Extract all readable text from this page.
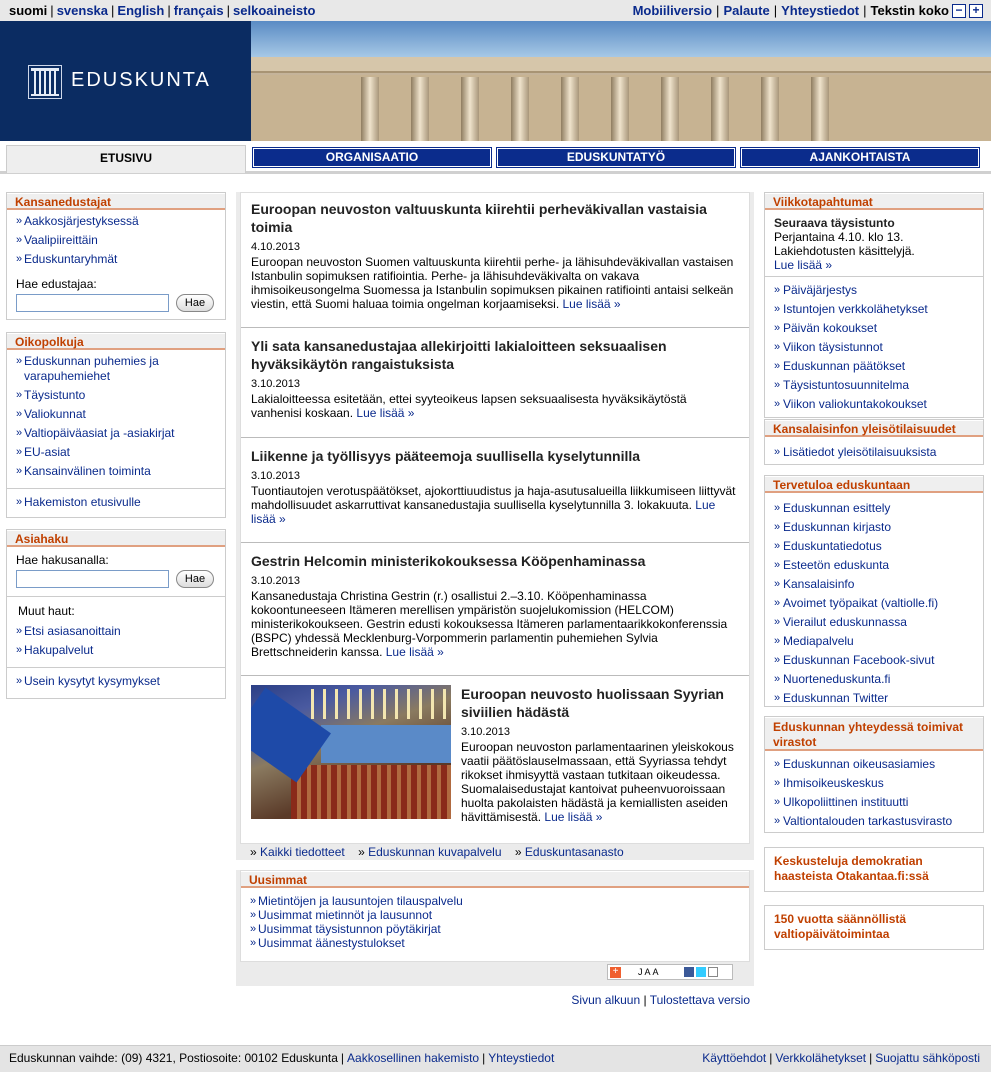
suomi | svenska | English | français | selkoaineisto	Mobiiliversio | Palaute | Yhteystiedot | Tekstin koko − +
EDUSKUNTA
ETUSIVU	ORGANISAATIO	EDUSKUNTATYÖ	AJANKOHTAISTA
Kansanedustajat
» Aakkosjärjestyksessä
» Vaalipiireittäin
» Eduskuntaryhmät
Hae edustajaa:
Hae
Oikopolkuja
» Eduskunnan puhemies ja varapuhemiehet
» Täysistunto
» Valiokunnat
» Valtiopäiväasiat ja -asiakirjat
» EU-asiat
» Kansainvälinen toiminta
» Hakemiston etusivulle
Asiahaku
Hae hakusanalla:
Hae
Muut haut:
» Etsi asiasanoittain
» Hakupalvelut
» Usein kysytyt kysymykset
Euroopan neuvoston valtuuskunta kiirehtii perheväkivallan vastaisia toimia
4.10.2013

Euroopan neuvoston Suomen valtuuskunta kiirehtii perhe- ja lähisuhdeväkivallan vastaisen Istanbulin sopimuksen ratifiointia. Perhe- ja lähisuhdeväkivalta on vakava ihmisoikeusongelma Suomessa ja Istanbulin sopimuksen pikainen ratifiointi antaisi selkeän viestin, että Suomi haluaa toimia ongelman korjaamiseksi. Lue lisää »

Yli sata kansanedustajaa allekirjoitti lakialoitteen seksuaalisen hyväksikäytön rangaistuksista
3.10.2013

Lakialoitteessa esitetään, ettei syyteoikeus lapsen seksuaalisesta hyväksikäytöstä vanhenisi koskaan. Lue lisää »

Liikenne ja työllisyys pääteemoja suullisella kyselytunnilla
3.10.2013

Tuontiautojen verotuspäätökset, ajokorttiuudistus ja haja-asutusalueilla liikkumiseen liittyvät mahdollisuudet askarruttivat kansanedustajia suullisella kyselytunnilla 3. lokakuuta. Lue lisää »

Gestrin Helcomin ministerikokouksessa Kööpenhaminassa
3.10.2013

Kansanedustaja Christina Gestrin (r.) osallistui 2.–3.10. Kööpenhaminassa kokoontuneeseen Itämeren merellisen ympäristön suojelukomission (HELCOM) ministerikokoukseen. Gestrin edusti kokouksessa Itämeren parlamentaarikkokonferenssia (BSPC) yhdessä Mecklenburg-Vorpommerin parlamentin puhemiehen Sylvia Brettschneiderin kanssa. Lue lisää »

Euroopan neuvosto huolissaan Syyrian siviilien hädästä
3.10.2013

Euroopan neuvoston parlamentaarinen yleiskokous vaatii päätöslauselmassaan, että Syyriassa tehdyt rikokset ihmisyyttä vastaan tutkitaan oikeudessa. Suomalaisedustajat kantoivat puheenvuoroissaan huolta pakolaisten hädästä ja kemiallisten aseiden hävittämisestä. Lue lisää »

» Kaikki tiedotteet » Eduskunnan kuvapalvelu » Eduskuntasanasto
Uusimmat
» Mietintöjen ja lausuntojen tilauspalvelu
» Uusimmat mietinnöt ja lausunnot
» Uusimmat täysistunnon pöytäkirjat
» Uusimmat äänestystulokset
+ JAA
Sivun alkuun | Tulostettava versio
Viikkotapahtumat
Seuraava täysistunto
Perjantaina 4.10. klo 13. Lakiehdotusten käsittelyjä.
Lue lisää »
» Päiväjärjestys
» Istuntojen verkkolähetykset
» Päivän kokoukset
» Viikon täysistunnot
» Eduskunnan päätökset
» Täysistuntosuunnitelma
» Viikon valiokuntakokoukset
Kansalaisinfon yleisötilaisuudet
» Lisätiedot yleisötilaisuuksista
Tervetuloa eduskuntaan
» Eduskunnan esittely
» Eduskunnan kirjasto
» Eduskuntatiedotus
» Esteetön eduskunta
» Kansalaisinfo
» Avoimet työpaikat (valtiolle.fi)
» Vierailut eduskunnassa
» Mediapalvelu
» Eduskunnan Facebook-sivut
» Nuorteneduskunta.fi
» Eduskunnan Twitter
Eduskunnan yhteydessä toimivat virastot
» Eduskunnan oikeusasiamies
» Ihmisoikeuskeskus
» Ulkopoliittinen instituutti
» Valtiontalouden tarkastusvirasto
Keskusteluja demokratian haasteista Otakantaa.fi:ssä
150 vuotta säännöllistä valtiopäivätoimintaa
Eduskunnan vaihde: (09) 4321, Postiosoite: 00102 Eduskunta | Aakkosellinen hakemisto | Yhteystiedot	Käyttöehdot | Verkkolähetykset | Suojattu sähköposti
